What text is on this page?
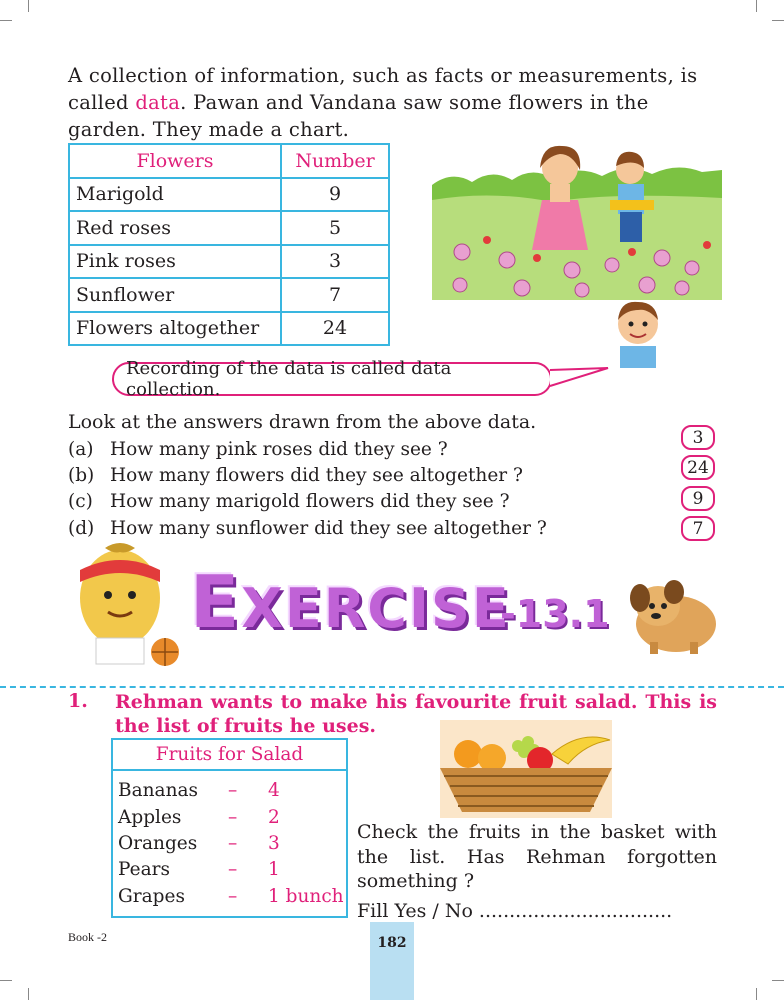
A collection of information, such as facts or measurements, is called data. Pawan and Vandana saw some flowers in the garden. They made a chart.
Flowers	Number
Marigold	9
Red roses	5
Pink roses	3
Sunflower	7
Flowers altogether	24
Recording of the data is called data collection.
Look at the answers drawn from the above data.
(a) How many pink roses did they see ?
(b) How many flowers did they see altogether ?
(c) How many marigold flowers did they see ?
(d) How many sunflower did they see altogether ?
3
24
9
7
EXERCISE
-13.1
1. Rehman wants to make his favourite fruit salad. This is the list of fruits he uses.
Fruits for Salad
Bananas – 4
Apples	– 2
Oranges – 3
Pears	– 1
Grapes – 1 bunch
Check the fruits in the basket with
the list. Has Rehman forgotten
something ?
Fill Yes / No ................................
Book -2	182
